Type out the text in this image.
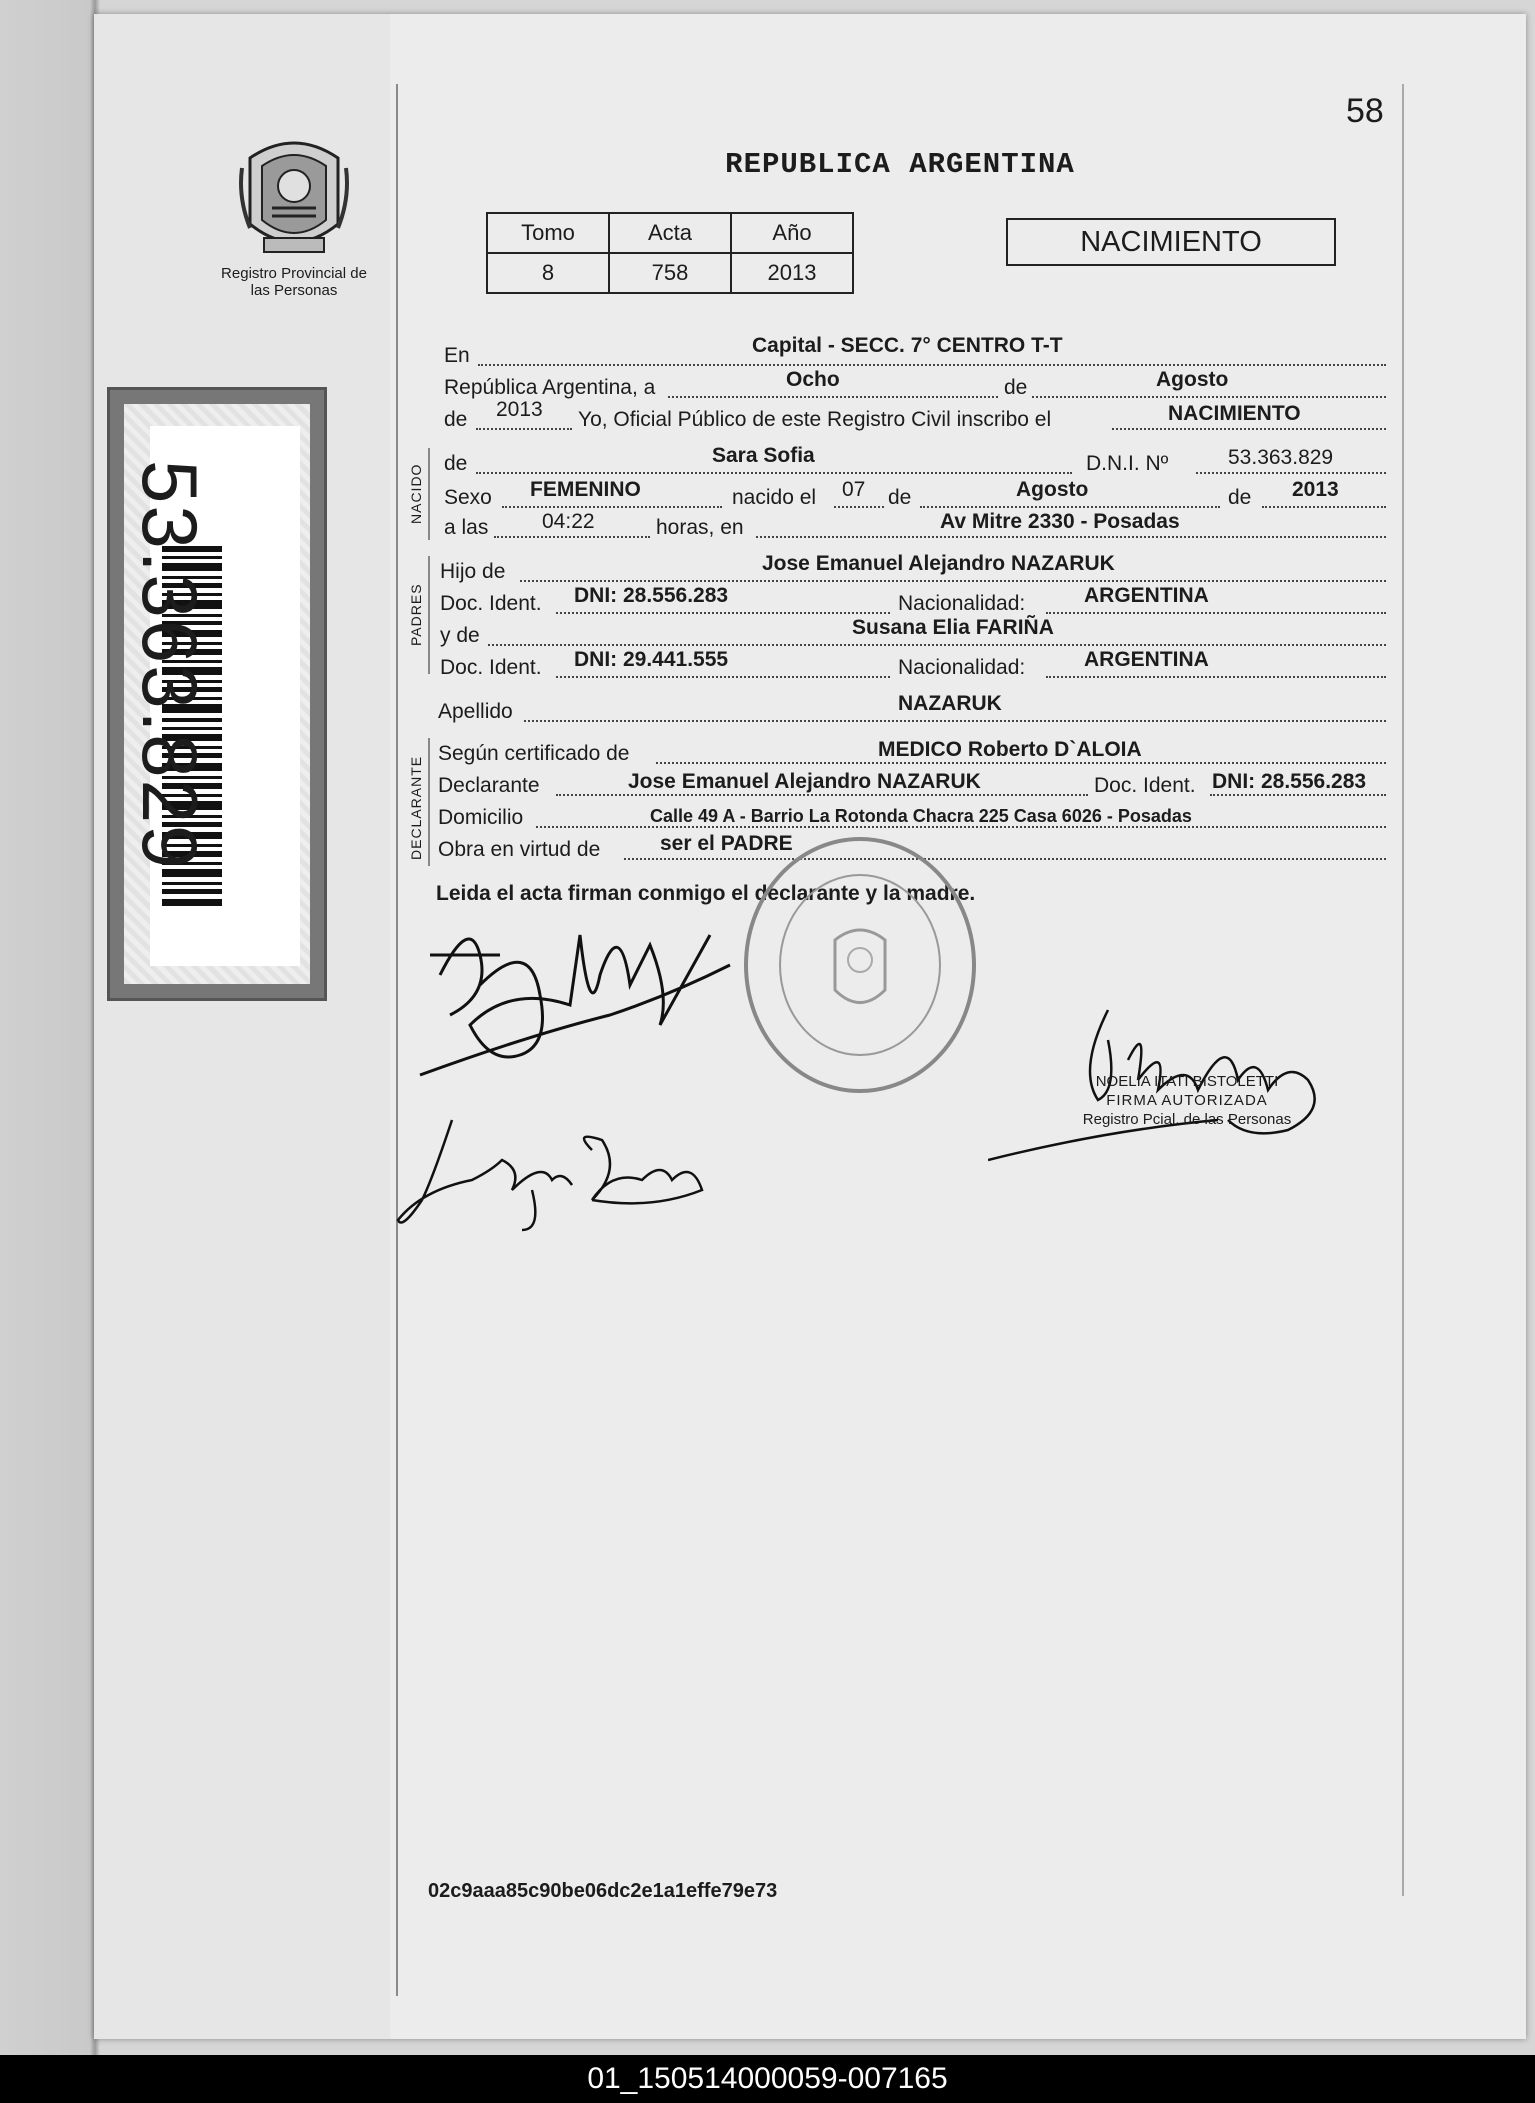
58
REPUBLICA ARGENTINA
Tomo	Acta	Año
8	758	2013
NACIMIENTO
Registro Provincial de las Personas
53.363.829	NACIDO
PADRES
DECLARANTE
En	Capital - SECC. 7° CENTRO T-T
República Argentina, a	Ocho	de	Agosto
de 2013 Yo, Oficial Público de este Registro Civil inscribo el	NACIMIENTO
de	Sara Sofia	D.N.I. Nº	53.363.829
Sexo FEMENINO	nacido el 07 de	Agosto	de 2013
a las	04:22	horas, en	Av Mitre 2330 - Posadas
Hijo de	Jose Emanuel Alejandro NAZARUK
Doc. Ident. DNI: 28.556.283	Nacionalidad:	ARGENTINA
y de	Susana Elia FARIÑA
Doc. Ident. DNI: 29.441.555	Nacionalidad:	ARGENTINA
Apellido	NAZARUK
Según certificado de	MEDICO Roberto D`ALOIA
Declarante	Jose Emanuel Alejandro NAZARUK	Doc. Ident. DNI: 28.556.283
Domicilio	Calle 49 A - Barrio La Rotonda Chacra 225 Casa 6026 - Posadas
Obra en virtud de	ser el PADRE
Leida el acta firman conmigo el declarante y la madre.
NOELIA ITATI BISTOLETTI
FIRMA AUTORIZADA
Registro Pcial. de las Personas
02c9aaa85c90be06dc2e1a1effe79e73
01_150514000059-007165
